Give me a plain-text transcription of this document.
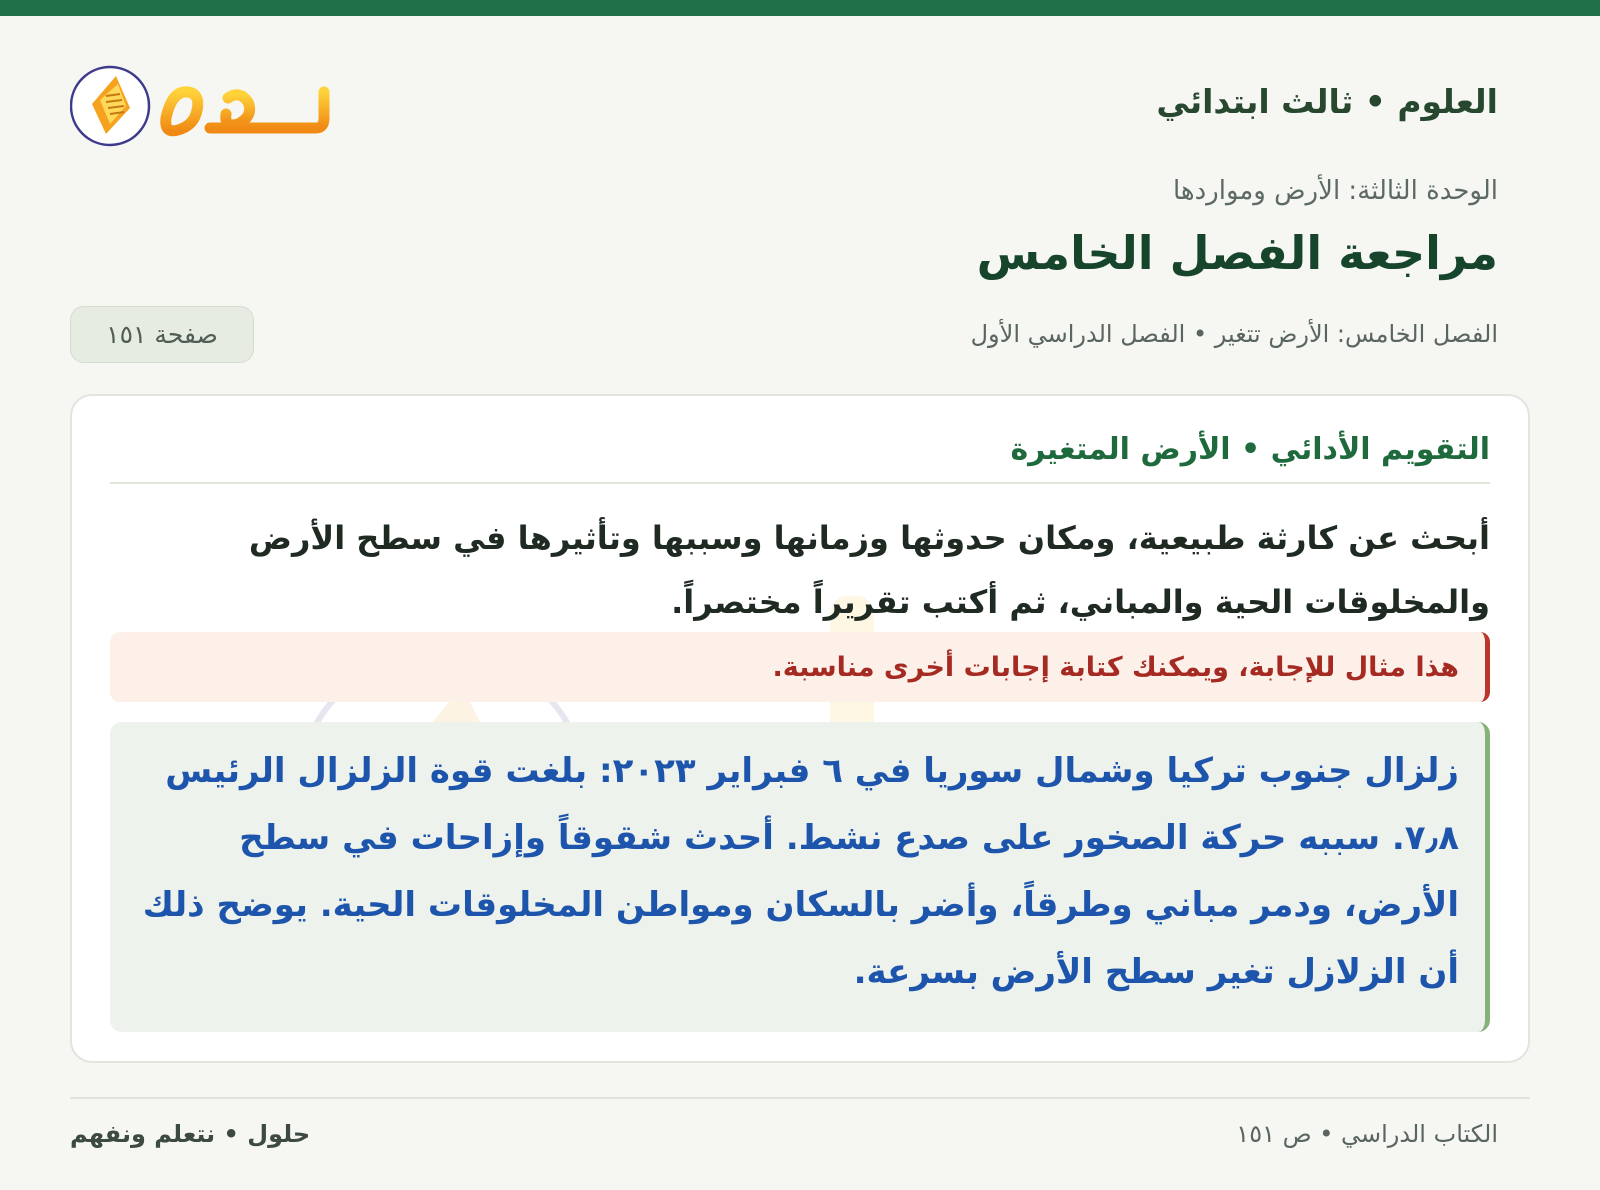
العلوم • ثالث ابتدائي
الوحدة الثالثة: الأرض ومواردها
مراجعة الفصل الخامس
الفصل الخامس: الأرض تتغير • الفصل الدراسي الأول
صفحة ١٥١
التقويم الأدائي • الأرض المتغيرة

أبحث عن كارثة طبيعية، ومكان حدوثها وزمانها وسببها وتأثيرها في سطح الأرض والمخلوقات الحية والمباني، ثم أكتب تقريراً مختصراً.

هذا مثال للإجابة، ويمكنك كتابة إجابات أخرى مناسبة.
زلزال جنوب تركيا وشمال سوريا في ٦ فبراير ٢٠٢٣: بلغت قوة الزلزال الرئيس ٧٫٨. سببه حركة الصخور على صدع نشط. أحدث شقوقاً وإزاحات في سطح الأرض، ودمر مباني وطرقاً، وأضر بالسكان ومواطن المخلوقات الحية. يوضح ذلك أن الزلازل تغير سطح الأرض بسرعة.
الكتاب الدراسي • ص ١٥١
حلول • نتعلم ونفهم
